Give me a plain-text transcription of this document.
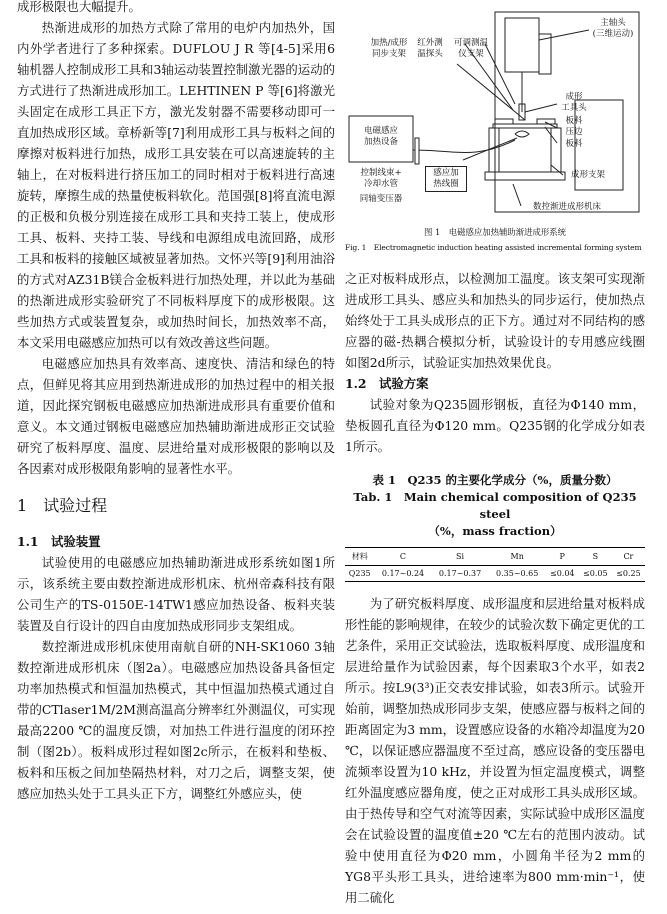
成形极限也大幅提升。

热渐进成形的加热方式除了常用的电炉内加热外，国内外学者进行了多种探索。DUFLOU J R 等[4-5]采用6轴机器人控制成形工具和3轴运动装置控制激光器的运动的方式进行了热渐进成形加工。LEHTINEN P 等[6]将激光头固定在成形工具正下方，激光发射器不需要移动即可一直加热成形区域。章桥新等[7]利用成形工具与板料之间的摩擦对板料进行加热，成形工具安装在可以高速旋转的主轴上，在对板料进行挤压加工的同时相对于板料进行高速旋转，摩擦生成的热量使板料软化。范国强[8]将直流电源的正极和负极分别连接在成形工具和夹持工装上，使成形工具、板料、夹持工装、导线和电源组成电流回路，成形工具和板料的接触区域被显著加热。文怀兴等[9]利用油浴的方式对AZ31B镁合金板料进行加热处理，并以此为基础的热渐进成形实验研究了不同板料厚度下的成形极限。这些加热方式或装置复杂，或加热时间长，加热效率不高，本文采用电磁感应加热可以有效改善这些问题。

电磁感应加热具有效率高、速度快、清洁和绿色的特点，但鲜见将其应用到热渐进成形的加热过程中的相关报道，因此探究钢板电磁感应加热渐进成形具有重要价值和意义。本文通过钢板电磁感应加热辅助渐进成形正交试验研究了板料厚度、温度、层进给量对成形极限的影响以及各因素对成形极限角影响的显著性水平。

1　试验过程
1.1　试验装置

试验使用的电磁感应加热辅助渐进成形系统如图1所示，该系统主要由数控渐进成形机床、杭州帝森科技有限公司生产的TS-0150E-14TW1感应加热设备、板料夹装装置及自行设计的四自由度加热成形同步支架组成。

数控渐进成形机床使用南航自研的NH-SK1060 3轴数控渐进成形机床（图2a）。电磁感应加热设备具备恒定功率加热模式和恒温加热模式，其中恒温加热模式通过自带的CTlaser1M/2M测高温高分辨率红外测温仪，可实现最高2200 ℃的温度反馈，对加热工件进行温度的闭环控制（图2b）。板料成形过程如图2c所示，在板料和垫板、板料和压板之间加垫隔热材料，对刀之后，调整支架，使感应加热头处于工具头正下方，调整红外感应头，使

主轴头
(三维运动)
加热/成形
同步支架
红外测
温探头
可调测温
仪支架
成形
工具头
板料
压边
板料
电磁感应
加热设备
控制线束+
冷却水管
同轴变压器
感应加
热线圈
成形支架
数控渐进成形机床
图 1　电磁感应加热辅助渐进成形系统
Fig. 1　Electromagnetic induction heating assisted incremental forming system

之正对板料成形点，以检测加工温度。该支架可实现渐进成形工具头、感应头和加热头的同步运行，使加热点始终处于工具头成形点的正下方。通过对不同结构的感应器的磁-热耦合模拟分析，试验设计的专用感应线圈如图2d所示，试验证实加热效果优良。

1.2　试验方案

试验对象为Q235圆形钢板，直径为Φ140 mm，垫板圆孔直径为Φ120 mm。Q235钢的化学成分如表1所示。

表 1　Q235 的主要化学成分（%，质量分数）
Tab. 1　Main chemical composition of Q235 steel
（%，mass fraction）
材料	C	Si	Mn	P	S	Cr
Q235	0.17~0.24	0.17~0.37	0.35~0.65	≤0.04	≤0.05	≤0.25

为了研究板料厚度、成形温度和层进给量对板料成形性能的影响规律，在较少的试验次数下确定更优的工艺条件，采用正交试验法，选取板料厚度、成形温度和层进给量作为试验因素，每个因素取3个水平，如表2所示。按L9(3³)正交表安排试验，如表3所示。试验开始前，调整加热成形同步支架，使感应器与板料之间的距离固定为3 mm，设置感应设备的水箱冷却温度为20 ℃，以保证感应器温度不至过高，感应设备的变压器电流频率设置为10 kHz，并设置为恒定温度模式，调整红外温度感应器角度，使之正对成形工具头成形区域。由于热传导和空气对流等因素，实际试验中成形区温度会在试验设置的温度值±20 ℃左右的范围内波动。试验中使用直径为Φ20 mm，小圆角半径为2 mm的YG8平头形工具头，进给速率为800 mm·min⁻¹，使用二硫化
